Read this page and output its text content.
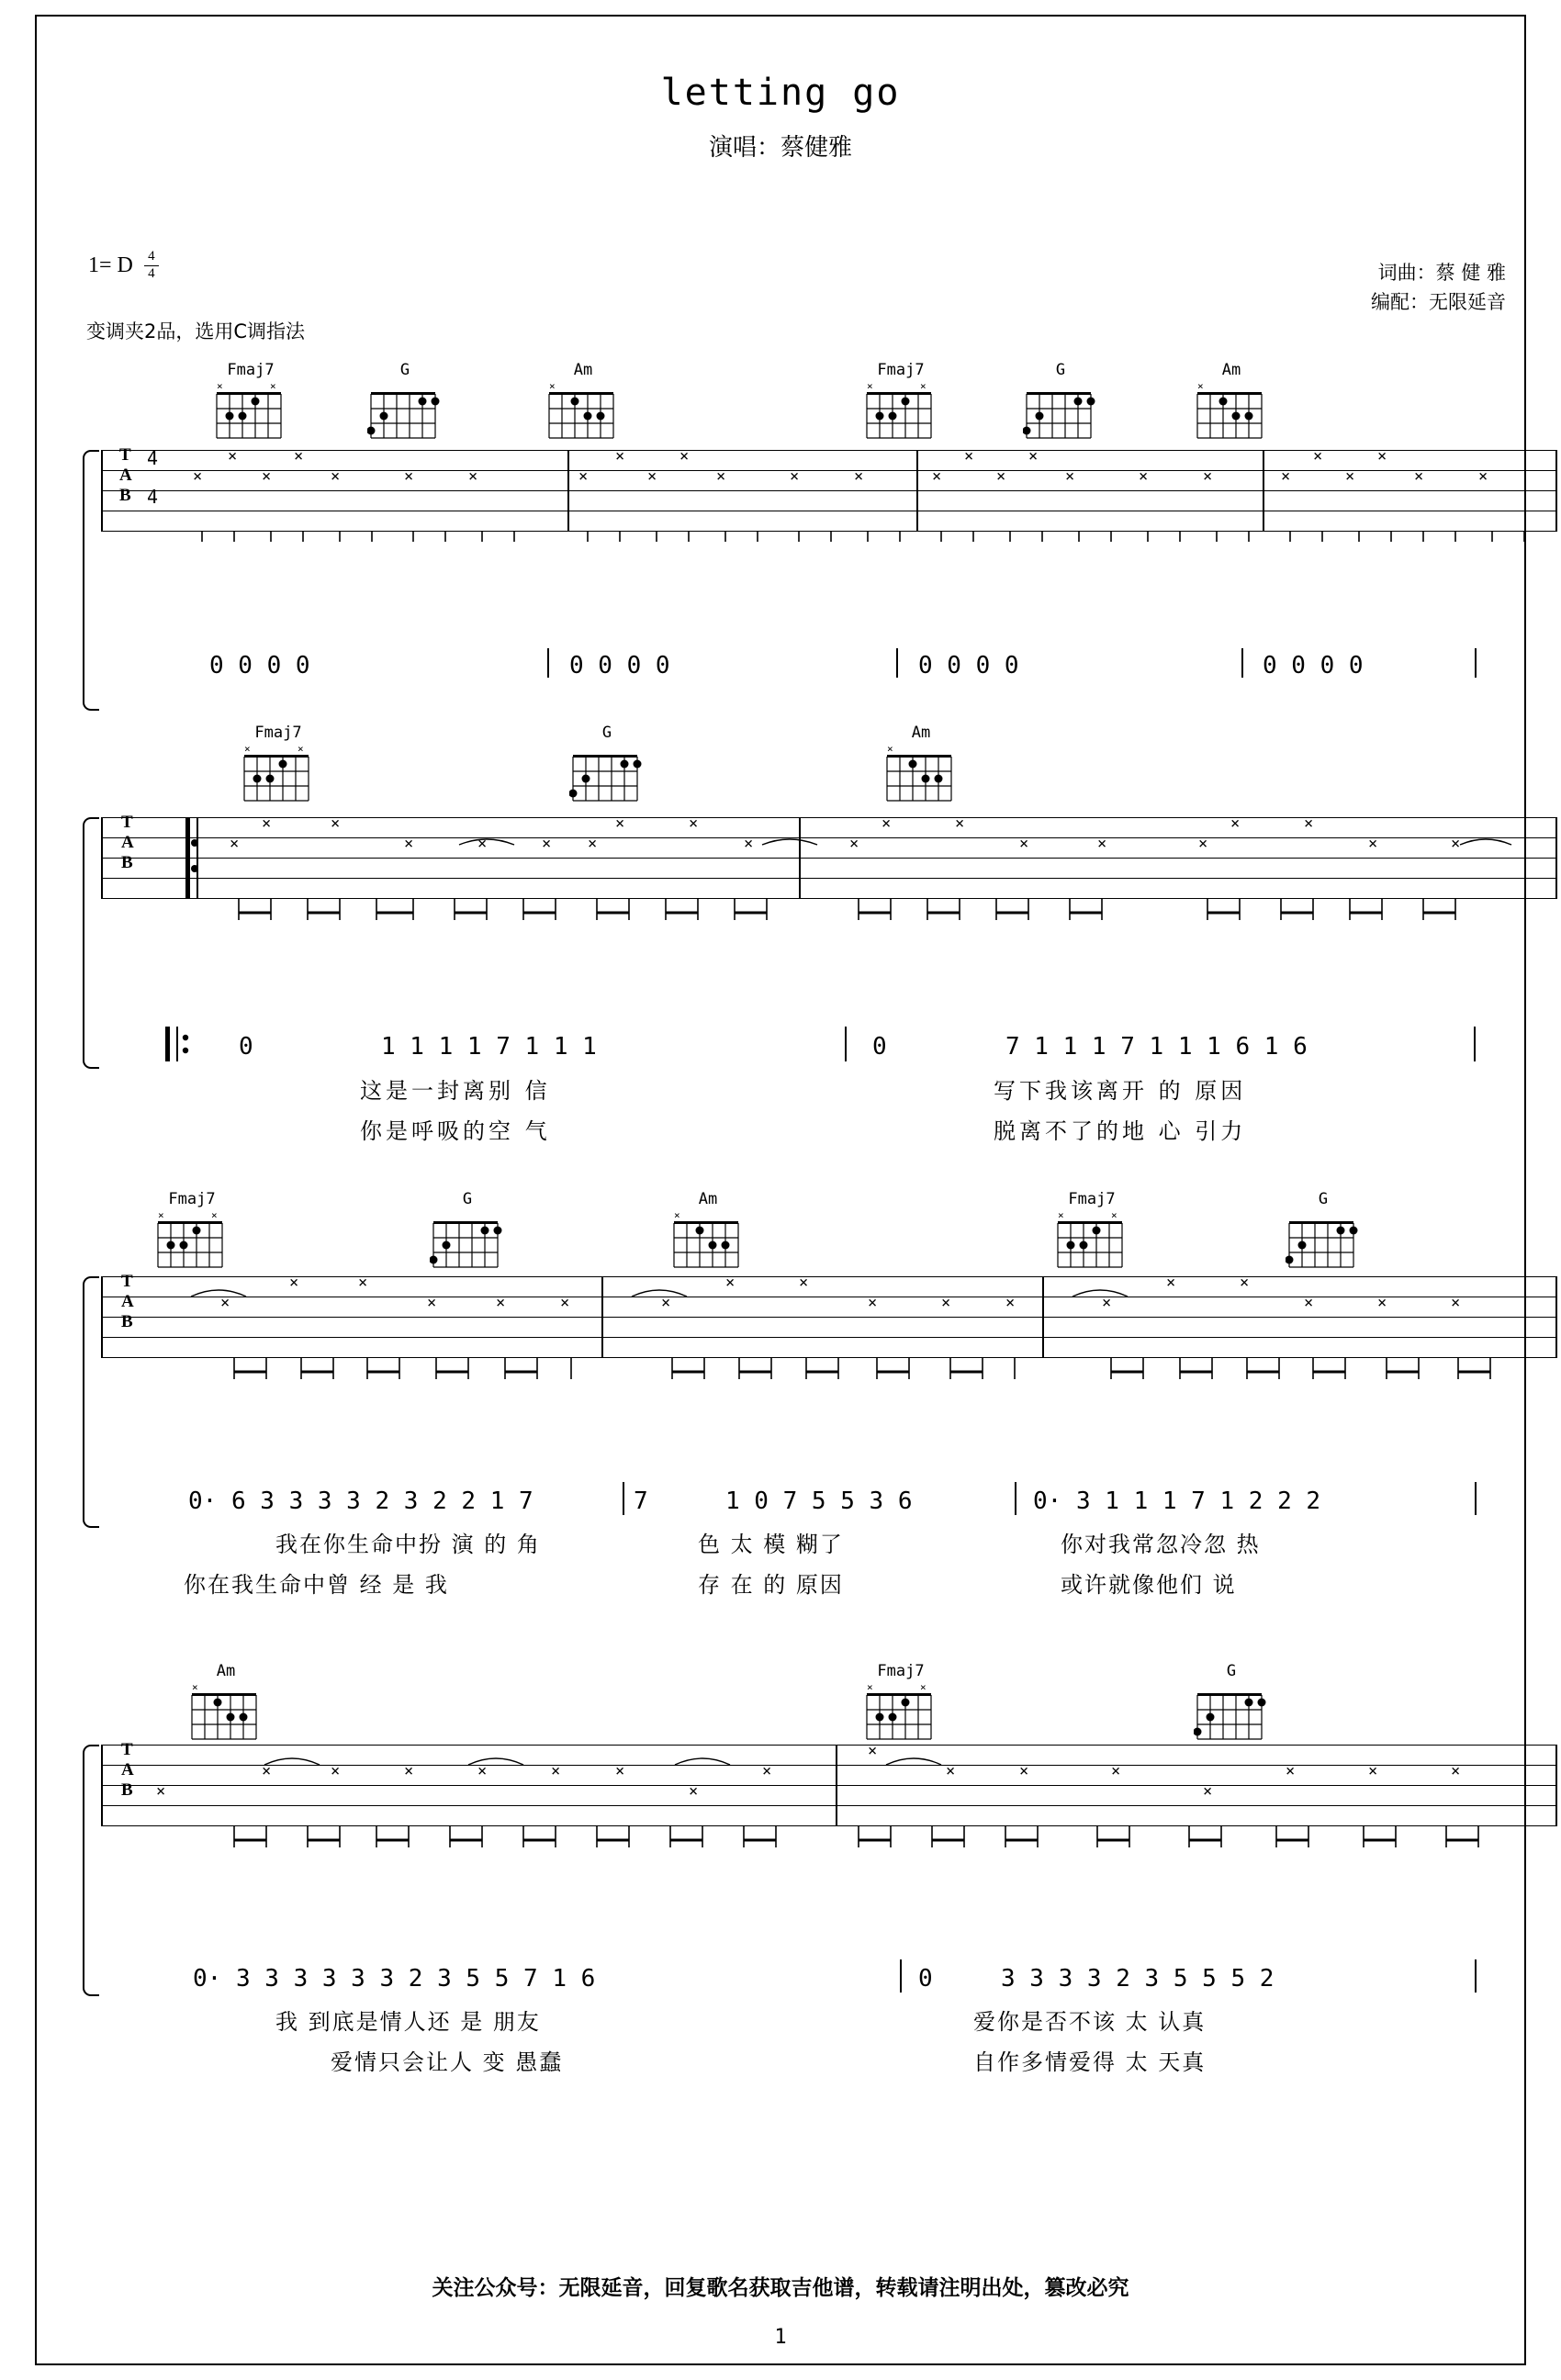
letting go
演唱：蔡健雅
1= D $\frac{4}{4}$
变调夹2品，选用C调指法
词曲：蔡 健 雅
编配：无限延音
Fmaj7
×	×
G	Am
×
Fmaj7
×	×
G	Am
×
T
A
B
4
4
×	×
×	×	×	×	×
×	×
×	×	×	×	×
×	×
×	×	×	×	×
×	×
×	×	×	×
0 0 0 0	0 0 0 0	0 0 0 0	0 0 0 0
Fmaj7
×	×
G	Am
×
T
A
B
×	×
×	×	×	×
×	×
×	×
×	×
×	×	×
×	×
×	×	×
0	1 1 1 1 7 1 1 1	0	7 1 1 1 7 1 1 1 6 1 6
这是一封离别 信	写下我该离开 的 原因
你是呼吸的空 气	脱离不了的地 心 引力
Fmaj7
×	×
G	Am
×
Fmaj7
×	×
G
T
A
B
×
×	×
×	×	×	×
×	×
×	×	×	×
×	×
×	×	×
0· 6 3 3 3 3 2 3 2 2 1 7	7	1 0 7 5 5 3 6	0· 3 1 1 1 7 1 2 2 2
我在你生命中扮 演 的 角	色 太 模 糊了	你对我常忽冷忽 热
你在我生命中曾 经 是 我	存 在 的 原因	或许就像他们 说
Am
×
Fmaj7
×	×
G
T
A
B ×
×	×	×	×	×	×
×
×
×
×	×	×
×
×	×	×
0· 3 3 3 3 3 3 2 3 5 5 7 1 6	0	3 3 3 3 2 3 5 5 5 2
我 到底是情人还 是 朋友	爱你是否不该 太 认真
爱情只会让人 变 愚蠢	自作多情爱得 太 天真
关注公众号：无限延音，回复歌名获取吉他谱，转载请注明出处，篡改必究
1
